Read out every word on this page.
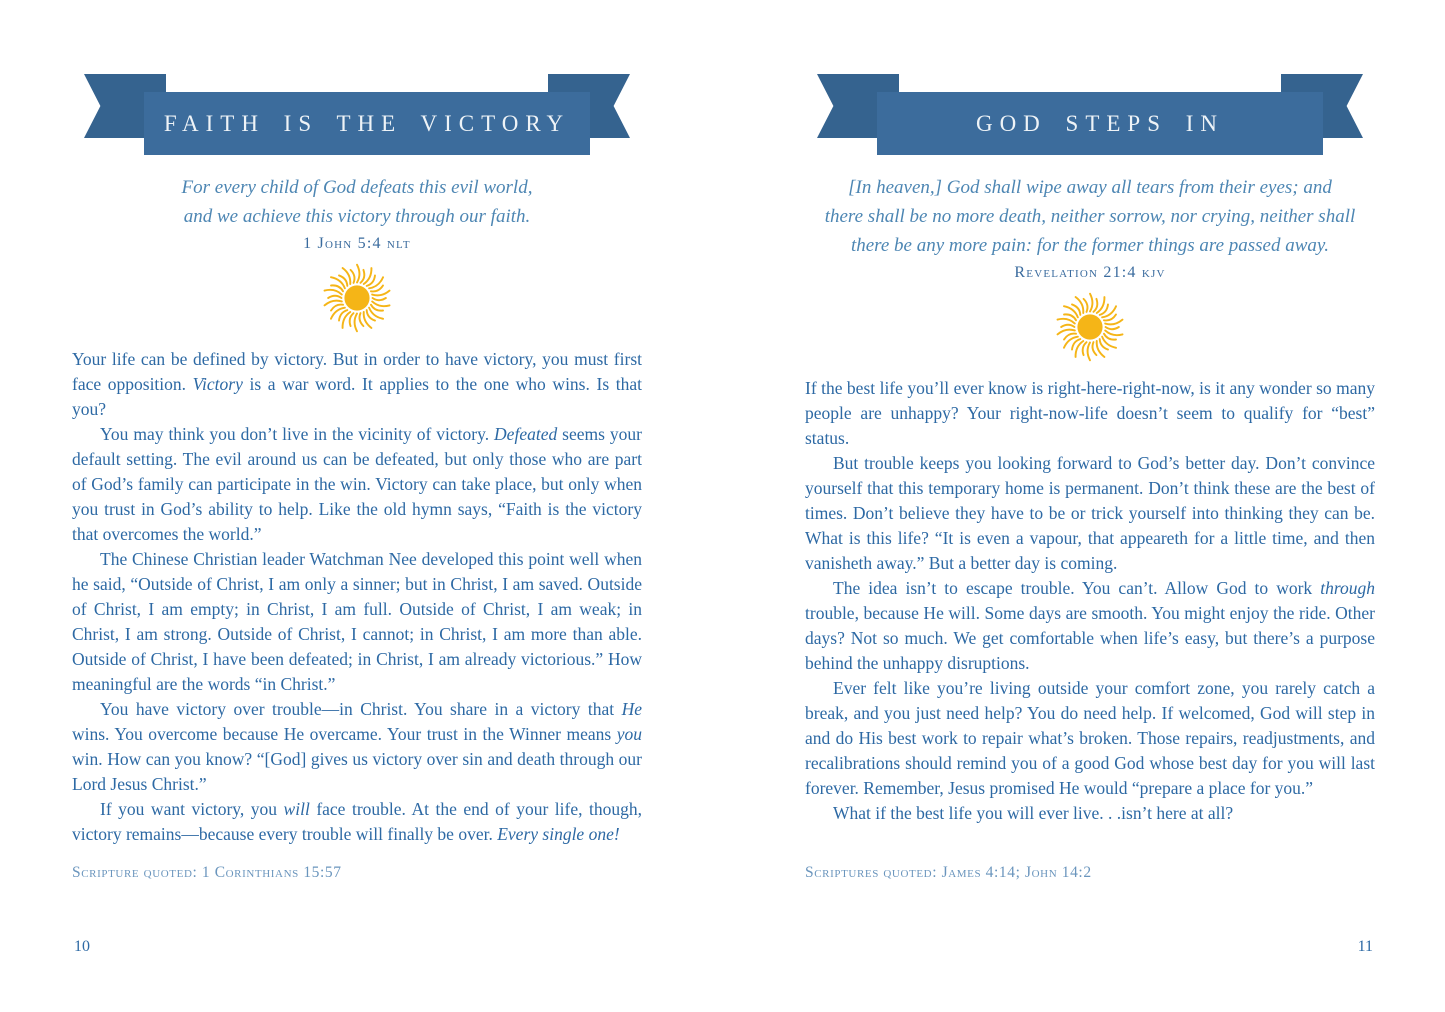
FAITH IS THE VICTORY
For every child of God defeats this evil world,
and we achieve this victory through our faith.
1 John 5:4 nlt

Your life can be defined by victory. But in order to have victory, you must first face opposition. Victory is a war word. It applies to the one who wins. Is that you?

You may think you don’t live in the vicinity of victory. Defeated seems your default setting. The evil around us can be defeated, but only those who are part of God’s family can participate in the win. Victory can take place, but only when you trust in God’s ability to help. Like the old hymn says, “Faith is the victory that overcomes the world.”

The Chinese Christian leader Watchman Nee developed this point well when he said, “Outside of Christ, I am only a sinner; but in Christ, I am saved. Outside of Christ, I am empty; in Christ, I am full. Outside of Christ, I am weak; in Christ, I am strong. Outside of Christ, I cannot; in Christ, I am more than able. Outside of Christ, I have been defeated; in Christ, I am already victorious.” How meaningful are the words “in Christ.”

You have victory over trouble—in Christ. You share in a victory that He wins. You overcome because He overcame. Your trust in the Winner means you win. How can you know? “[God] gives us victory over sin and death through our Lord Jesus Christ.”

If you want victory, you will face trouble. At the end of your life, though, victory remains—because every trouble will finally be over. Every single one!

Scripture quoted: 1 Corinthians 15:57
10
GOD STEPS IN
[In heaven,] God shall wipe away all tears from their eyes; and
there shall be no more death, neither sorrow, nor crying, neither shall
there be any more pain: for the former things are passed away.
Revelation 21:4 kjv

If the best life you’ll ever know is right-here-right-now, is it any wonder so many people are unhappy? Your right-now-life doesn’t seem to qualify for “best” status.

But trouble keeps you looking forward to God’s better day. Don’t convince yourself that this temporary home is permanent. Don’t think these are the best of times. Don’t believe they have to be or trick yourself into thinking they can be. What is this life? “It is even a vapour, that appeareth for a little time, and then vanisheth away.” But a better day is coming.

The idea isn’t to escape trouble. You can’t. Allow God to work through trouble, because He will. Some days are smooth. You might enjoy the ride. Other days? Not so much. We get comfortable when life’s easy, but there’s a purpose behind the unhappy disruptions.

Ever felt like you’re living outside your comfort zone, you rarely catch a break, and you just need help? You do need help. If welcomed, God will step in and do His best work to repair what’s broken. Those repairs, readjustments, and recalibrations should remind you of a good God whose best day for you will last forever. Remember, Jesus promised He would “prepare a place for you.”

What if the best life you will ever live. . .isn’t here at all?

Scriptures quoted: James 4:14; John 14:2
11
